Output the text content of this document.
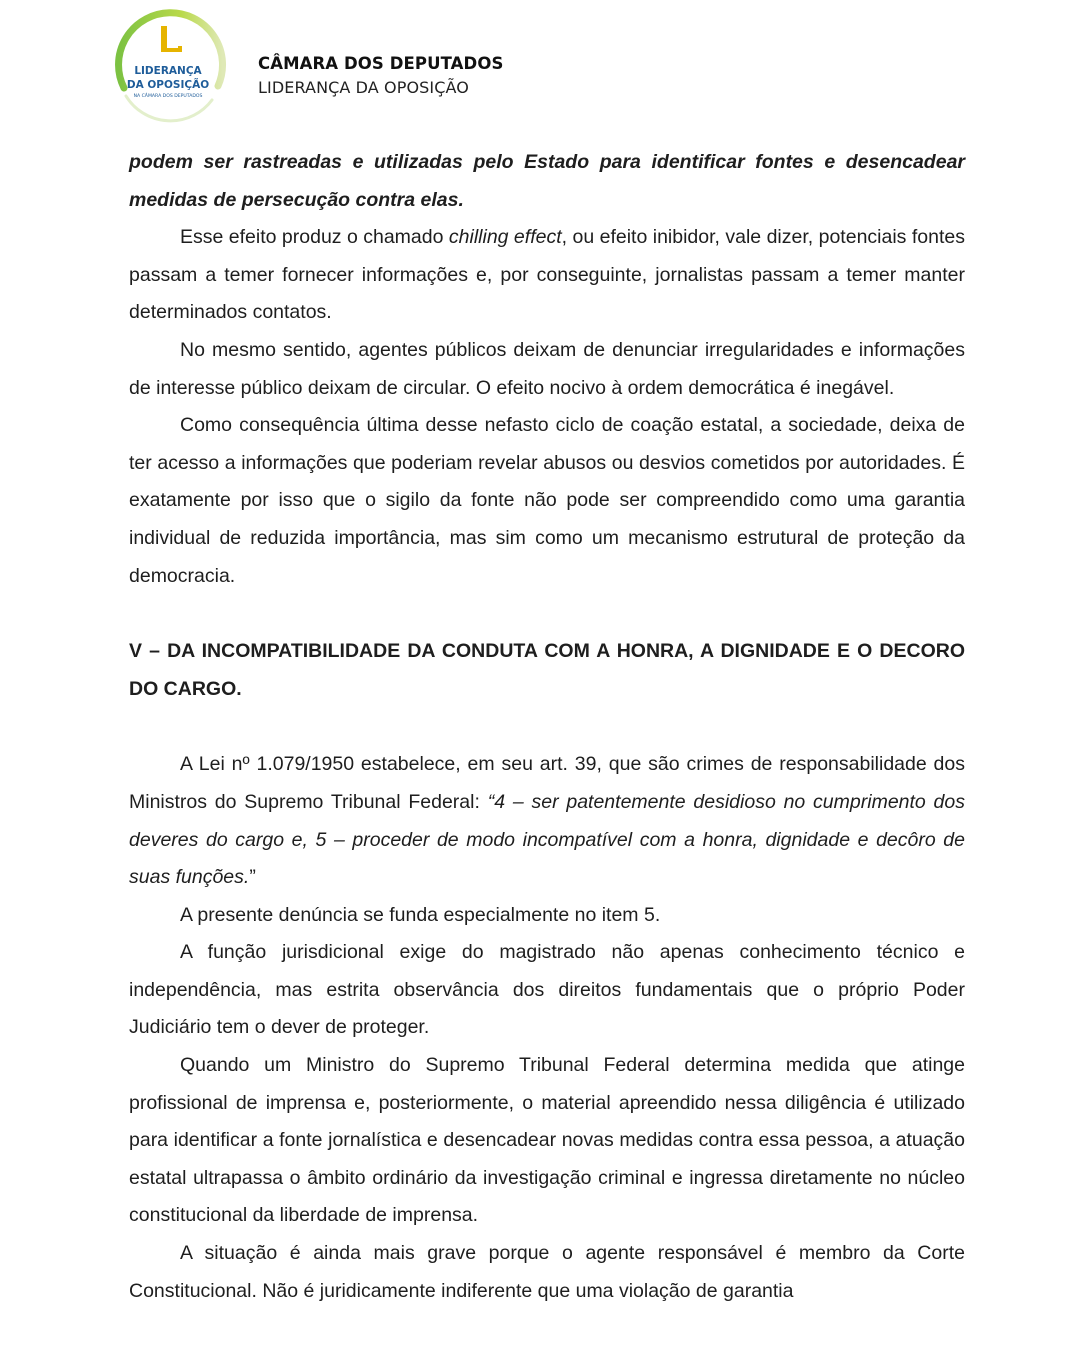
LIDERANÇA
DA OPOSIÇÃO
NA CÂMARA DOS DEPUTADOS
CÂMARA DOS DEPUTADOS
LIDERANÇA DA OPOSIÇÃO

podem ser rastreadas e utilizadas pelo Estado para identificar fontes e desencadear medidas de persecução contra elas.

Esse efeito produz o chamado chilling effect, ou efeito inibidor, vale dizer, potenciais fontes passam a temer fornecer informações e, por conseguinte, jornalistas passam a temer manter determinados contatos.

No mesmo sentido, agentes públicos deixam de denunciar irregularidades e informações de interesse público deixam de circular. O efeito nocivo à ordem democrática é inegável.

Como consequência última desse nefasto ciclo de coação estatal, a sociedade, deixa de ter acesso a informações que poderiam revelar abusos ou desvios cometidos por autoridades. É exatamente por isso que o sigilo da fonte não pode ser compreendido como uma garantia individual de reduzida importância, mas sim como um mecanismo estrutural de proteção da democracia.

V – DA INCOMPATIBILIDADE DA CONDUTA COM A HONRA, A DIGNIDADE E O DECORO DO CARGO.

A Lei nº 1.079/1950 estabelece, em seu art. 39, que são crimes de responsabilidade dos Ministros do Supremo Tribunal Federal: “4 – ser patentemente desidioso no cumprimento dos deveres do cargo e, 5 – proceder de modo incompatível com a honra, dignidade e decôro de suas funções.”

A presente denúncia se funda especialmente no item 5.

A função jurisdicional exige do magistrado não apenas conhecimento técnico e independência, mas estrita observância dos direitos fundamentais que o próprio Poder Judiciário tem o dever de proteger.

Quando um Ministro do Supremo Tribunal Federal determina medida que atinge profissional de imprensa e, posteriormente, o material apreendido nessa diligência é utilizado para identificar a fonte jornalística e desencadear novas medidas contra essa pessoa, a atuação estatal ultrapassa o âmbito ordinário da investigação criminal e ingressa diretamente no núcleo constitucional da liberdade de imprensa.

A situação é ainda mais grave porque o agente responsável é membro da Corte Constitucional. Não é juridicamente indiferente que uma violação de garantia
